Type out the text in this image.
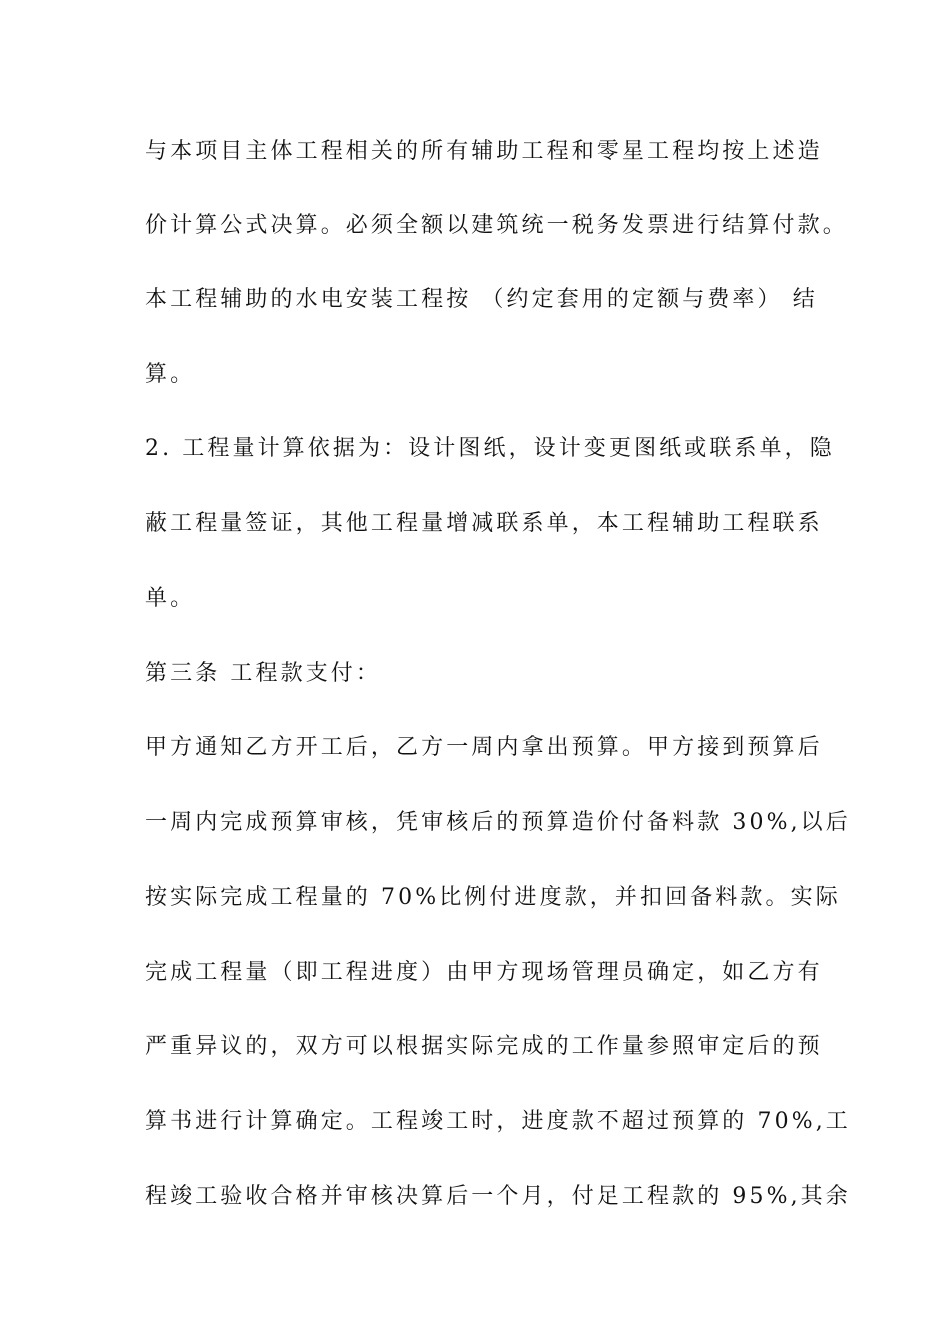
与本项目主体工程相关的所有辅助工程和零星工程均按上述造
价计算公式决算。必须全额以建筑统一税务发票进行结算付款。
本工程辅助的水电安装工程按 （约定套用的定额与费率） 结
算。
2. 工程量计算依据为：设计图纸，设计变更图纸或联系单，隐
蔽工程量签证，其他工程量增减联系单，本工程辅助工程联系
单。
第三条 工程款支付：
甲方通知乙方开工后，乙方一周内拿出预算。甲方接到预算后
一周内完成预算审核，凭审核后的预算造价付备料款 30%,以后
按实际完成工程量的 70%比例付进度款，并扣回备料款。实际
完成工程量（即工程进度）由甲方现场管理员确定，如乙方有
严重异议的，双方可以根据实际完成的工作量参照审定后的预
算书进行计算确定。工程竣工时，进度款不超过预算的 70%,工
程竣工验收合格并审核决算后一个月，付足工程款的 95%,其余
